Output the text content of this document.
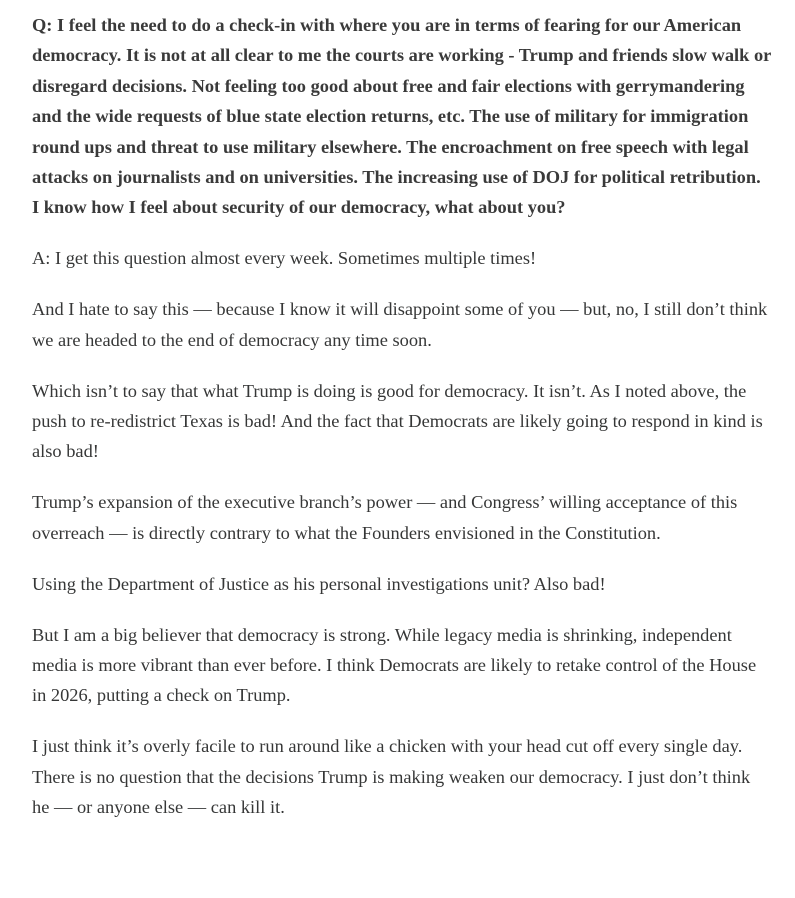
Q: I feel the need to do a check-in with where you are in terms of fearing for our American democracy. It is not at all clear to me the courts are working - Trump and friends slow walk or disregard decisions. Not feeling too good about free and fair elections with gerrymandering and the wide requests of blue state election returns, etc. The use of military for immigration round ups and threat to use military elsewhere. The encroachment on free speech with legal attacks on journalists and on universities. The increasing use of DOJ for political retribution. I know how I feel about security of our democracy, what about you?

A: I get this question almost every week. Sometimes multiple times!

And I hate to say this — because I know it will disappoint some of you — but, no, I still don’t think we are headed to the end of democracy any time soon.

Which isn’t to say that what Trump is doing is good for democracy. It isn’t. As I noted above, the push to re-redistrict Texas is bad! And the fact that Democrats are likely going to respond in kind is also bad!

Trump’s expansion of the executive branch’s power — and Congress’ willing acceptance of this overreach — is directly contrary to what the Founders envisioned in the Constitution.

Using the Department of Justice as his personal investigations unit? Also bad!

But I am a big believer that democracy is strong. While legacy media is shrinking, independent media is more vibrant than ever before. I think Democrats are likely to retake control of the House in 2026, putting a check on Trump.

I just think it’s overly facile to run around like a chicken with your head cut off every single day. There is no question that the decisions Trump is making weaken our democracy. I just don’t think he — or anyone else — can kill it.
